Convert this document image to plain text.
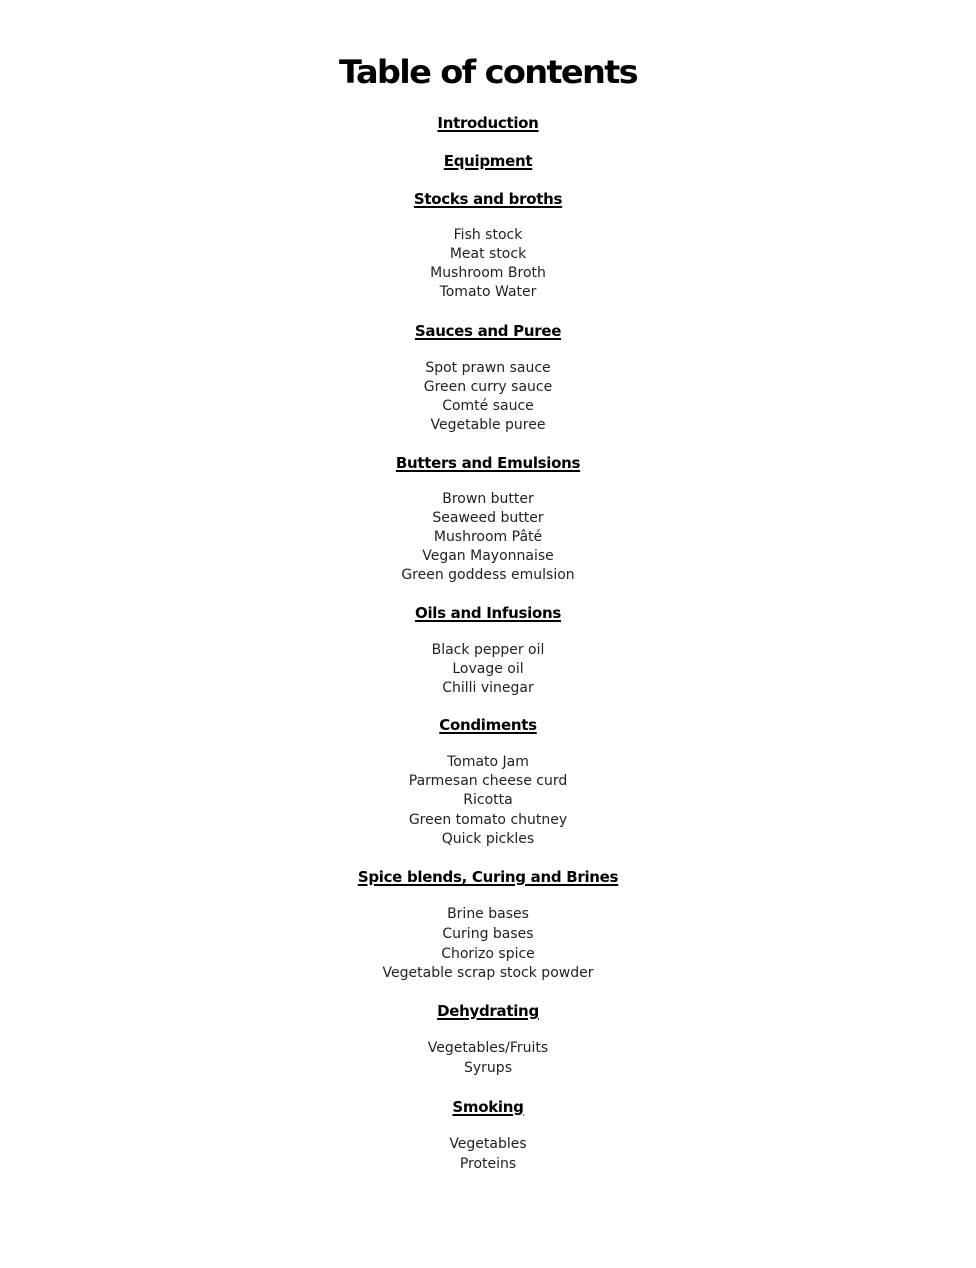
Table of contents
Introduction
Equipment
Stocks and broths
Fish stock
Meat stock
Mushroom Broth
Tomato Water
Sauces and Puree
Spot prawn sauce
Green curry sauce
Comté sauce
Vegetable puree
Butters and Emulsions
Brown butter
Seaweed butter
Mushroom Pâté
Vegan Mayonnaise
Green goddess emulsion
Oils and Infusions
Black pepper oil
Lovage oil
Chilli vinegar
Condiments
Tomato Jam
Parmesan cheese curd
Ricotta
Green tomato chutney
Quick pickles
Spice blends, Curing and Brines
Brine bases
Curing bases
Chorizo spice
Vegetable scrap stock powder
Dehydrating
Vegetables/Fruits
Syrups
Smoking
Vegetables
Proteins
